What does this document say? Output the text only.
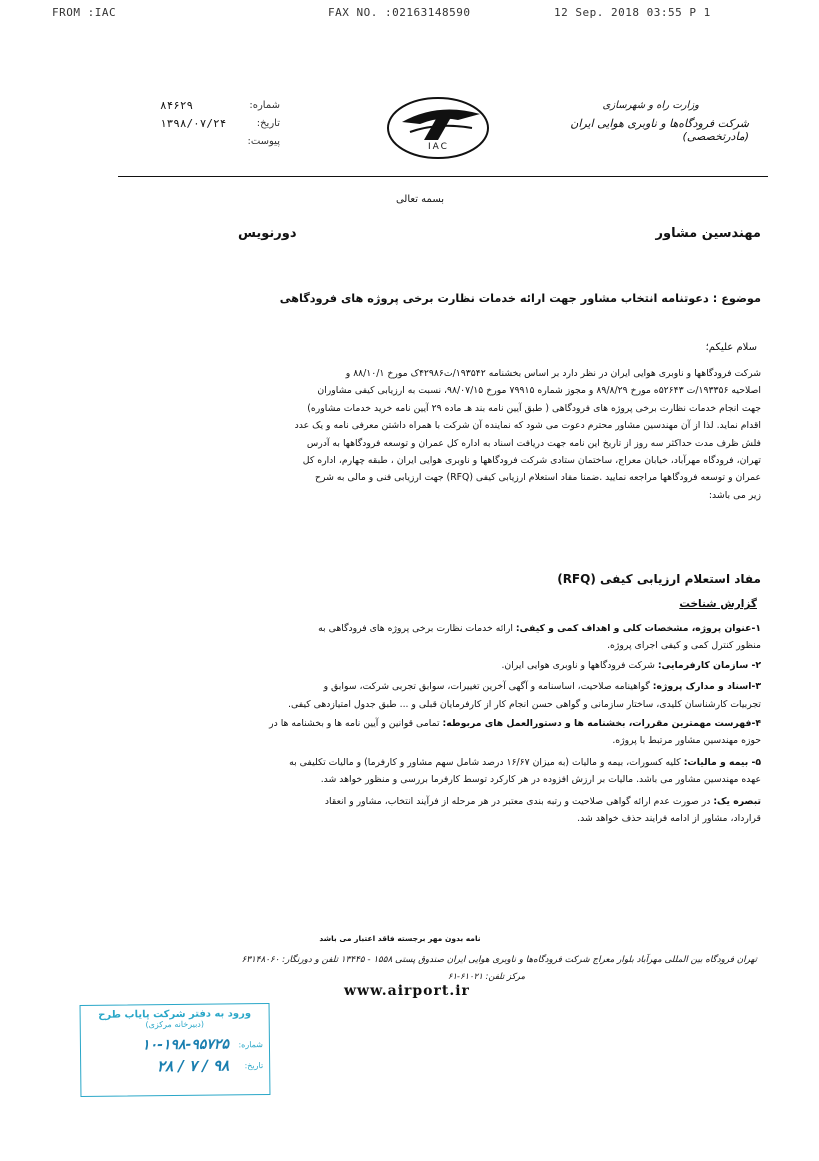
FROM :IAC	FAX NO. :02163148590	12 Sep. 2018 03:55 P 1
وزارت راه و شهرسازی
شرکت فرودگاه‌ها و ناوبری هوایی ایران (مادرتخصصی)
IAC
شماره:
۸۴۶۲۹
تاریخ:
۱۳۹۸/۰۷/۲۴
پیوست:
بسمه تعالی
مهندسین مشاور
دورنویس
موضوع : دعوتنامه انتخاب مشاور جهت ارائه خدمات نظارت برخی پروژه های فرودگاهی
سلام علیکم؛
شرکت فرودگاهها و ناوبری هوایی ایران در نظر دارد بر اساس بخشنامه ۱۹۳۵۴۲/ت۴۲۹۸۶ک مورخ ۸۸/۱۰/۱ و
اصلاحیه ۱۹۳۳۵۶/ت ۵۲۶۴۳ه مورخ ۸۹/۸/۲۹ و مجوز شماره ۷۹۹۱۵ مورخ ۹۸/۰۷/۱۵، نسبت به ارزیابی کیفی مشاوران
جهت انجام خدمات نظارت برخی پروژه های فرودگاهی ( طبق آیین نامه بند هـ ماده ۲۹ آیین نامه خرید خدمات مشاوره)
اقدام نماید. لذا از آن مهندسین مشاور محترم دعوت می شود که نماینده آن شرکت با همراه داشتن معرفی نامه و یک عدد
فلش ظرف مدت حداکثر سه روز از تاریخ این نامه جهت دریافت اسناد به اداره کل عمران و توسعه فرودگاهها به آدرس
تهران، فرودگاه مهرآباد، خیابان معراج، ساختمان ستادی شرکت فرودگاهها و ناوبری هوایی ایران ، طبقه چهارم، اداره کل
عمران و توسعه فرودگاهها مراجعه نمایید .ضمنا مفاد استعلام ارزیابی کیفی (RFQ) جهت ارزیابی فنی و مالی به شرح
زیر می باشد:
مفاد استعلام ارزیابی کیفی (RFQ)
گزارش شناخت
۱-عنوان پروژه، مشخصات کلی و اهداف کمی و کیفی: ارائه خدمات نظارت برخی پروژه های فرودگاهی به
منظور کنترل کمی و کیفی اجرای پروژه.
۲- سازمان کارفرمایی: شرکت فرودگاهها و ناوبری هوایی ایران.
۳-اسناد و مدارک پروژه: گواهینامه صلاحیت، اساسنامه و آگهی آخرین تغییرات، سوابق تجربی شرکت، سوابق و
تجربیات کارشناسان کلیدی، ساختار سازمانی و گواهی حسن انجام کار از کارفرمایان قبلی و ... طبق جدول امتیازدهی کیفی.
۴-فهرست مهمترین مقررات، بخشنامه ها و دستورالعمل های مربوطه: تمامی قوانین و آیین نامه ها و بخشنامه ها در
حوزه مهندسین مشاور مرتبط با پروژه.
۵- بیمه و مالیات: کلیه کسورات، بیمه و مالیات (به میزان ۱۶/۶۷ درصد شامل سهم مشاور و کارفرما) و مالیات تکلیفی به
عهده مهندسین مشاور می باشد. مالیات بر ارزش افزوده در هر کارکرد توسط کارفرما بررسی و منظور خواهد شد.
تبصره یک: در صورت عدم ارائه گواهی صلاحیت و رتبه بندی معتبر در هر مرحله از فرآیند انتخاب، مشاور و انعقاد
قرارداد، مشاور از ادامه فرایند حذف خواهد شد.
نامه بدون مهر برجسته فاقد اعتبار می باشد
تهران فرودگاه بین المللی مهرآباد بلوار معراج شرکت فرودگاه‌ها و ناوبری هوایی ایران صندوق پستی ۱۵۵۸ - ۱۳۴۴۵ تلفن و دورنگار: ۶۳۱۴۸۰۶۰
مرکز تلفن: ۶۱۰۲۱-۶۱
www.airport.ir
ورود به دفتر شرکت پایاب طرح
(دبیرخانه مرکزی)
شماره:
۱۰-۱۹۸-۹۵۷۲۵
تاریخ:
۹۸ / ۷ / ۲۸
